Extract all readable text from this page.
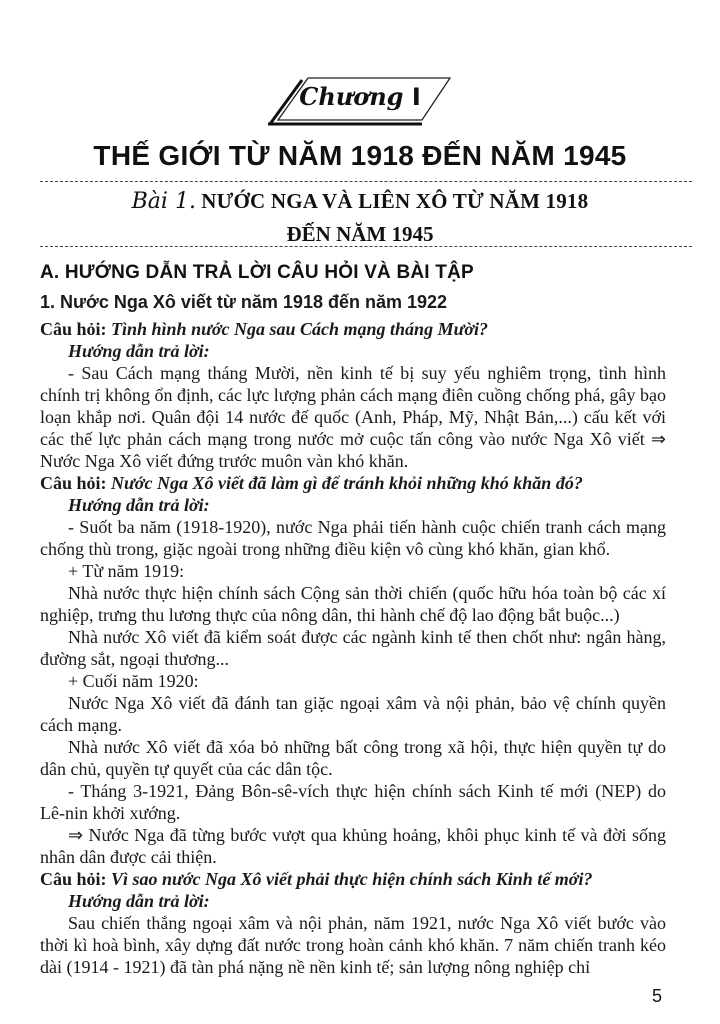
Chương I
THẾ GIỚI TỪ NĂM 1918 ĐẾN NĂM 1945
Bài 1. NƯỚC NGA VÀ LIÊN XÔ TỪ NĂM 1918
ĐẾN NĂM 1945
A. HƯỚNG DẪN TRẢ LỜI CÂU HỎI VÀ BÀI TẬP

1. Nước Nga Xô viết từ năm 1918 đến năm 1922

Câu hỏi: Tình hình nước Nga sau Cách mạng tháng Mười?

Hướng dẫn trả lời:

- Sau Cách mạng tháng Mười, nền kinh tế bị suy yếu nghiêm trọng, tình hình chính trị không ổn định, các lực lượng phản cách mạng điên cuồng chống phá, gây bạo loạn khắp nơi. Quân đội 14 nước đế quốc (Anh, Pháp, Mỹ, Nhật Bản,...) cấu kết với các thế lực phản cách mạng trong nước mở cuộc tấn công vào nước Nga Xô viết ⇒ Nước Nga Xô viết đứng trước muôn vàn khó khăn.

Câu hỏi: Nước Nga Xô viết đã làm gì để tránh khỏi những khó khăn đó?

Hướng dẫn trả lời:

- Suốt ba năm (1918-1920), nước Nga phải tiến hành cuộc chiến tranh cách mạng chống thù trong, giặc ngoài trong những điều kiện vô cùng khó khăn, gian khổ.

+ Từ năm 1919:

Nhà nước thực hiện chính sách Cộng sản thời chiến (quốc hữu hóa toàn bộ các xí nghiệp, trưng thu lương thực của nông dân, thi hành chế độ lao động bắt buộc...)

Nhà nước Xô viết đã kiểm soát được các ngành kinh tế then chốt như: ngân hàng, đường sắt, ngoại thương...

+ Cuối năm 1920:

Nước Nga Xô viết đã đánh tan giặc ngoại xâm và nội phản, bảo vệ chính quyền cách mạng.

Nhà nước Xô viết đã xóa bỏ những bất công trong xã hội, thực hiện quyền tự do dân chủ, quyền tự quyết của các dân tộc.

- Tháng 3-1921, Đảng Bôn-sê-vích thực hiện chính sách Kinh tế mới (NEP) do Lê-nin khởi xướng.

⇒ Nước Nga đã từng bước vượt qua khủng hoảng, khôi phục kinh tế và đời sống nhân dân được cải thiện.

Câu hỏi: Vì sao nước Nga Xô viết phải thực hiện chính sách Kinh tế mới?

Hướng dẫn trả lời:

Sau chiến thắng ngoại xâm và nội phản, năm 1921, nước Nga Xô viết bước vào thời kì hoà bình, xây dựng đất nước trong hoàn cảnh khó khăn. 7 năm chiến tranh kéo dài (1914 - 1921) đã tàn phá nặng nề nền kinh tế; sản lượng nông nghiệp chỉ

5
